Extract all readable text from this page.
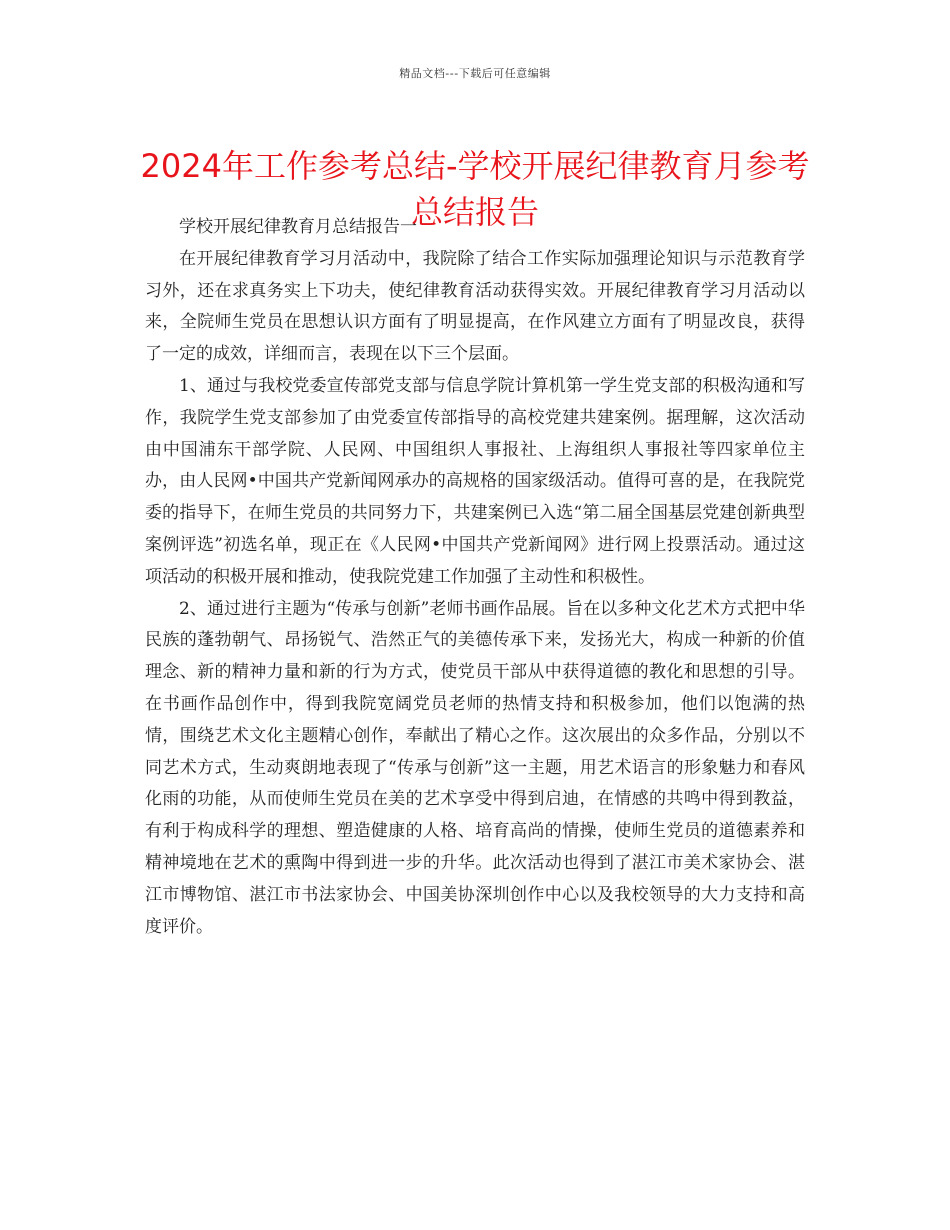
精品文档---下载后可任意编辑
2024年工作参考总结-学校开展纪律教育月参考总结报告

学校开展纪律教育月总结报告一

在开展纪律教育学习月活动中，我院除了结合工作实际加强理论知识与示范教育学习外，还在求真务实上下功夫，使纪律教育活动获得实效。开展纪律教育学习月活动以来，全院师生党员在思想认识方面有了明显提高，在作风建立方面有了明显改良，获得了一定的成效，详细而言，表现在以下三个层面。

1、通过与我校党委宣传部党支部与信息学院计算机第一学生党支部的积极沟通和写作，我院学生党支部参加了由党委宣传部指导的高校党建共建案例。据理解，这次活动由中国浦东干部学院、人民网、中国组织人事报社、上海组织人事报社等四家单位主办，由人民网•中国共产党新闻网承办的高规格的国家级活动。值得可喜的是，在我院党委的指导下，在师生党员的共同努力下，共建案例已入选“第二届全国基层党建创新典型案例评选”初选名单，现正在《人民网•中国共产党新闻网》进行网上投票活动。通过这项活动的积极开展和推动，使我院党建工作加强了主动性和积极性。

2、通过进行主题为“传承与创新”老师书画作品展。旨在以多种文化艺术方式把中华民族的蓬勃朝气、昂扬锐气、浩然正气的美德传承下来，发扬光大，构成一种新的价值理念、新的精神力量和新的行为方式，使党员干部从中获得道德的教化和思想的引导。在书画作品创作中，得到我院宽阔党员老师的热情支持和积极参加，他们以饱满的热情，围绕艺术文化主题精心创作，奉献出了精心之作。这次展出的众多作品，分别以不同艺术方式，生动爽朗地表现了“传承与创新”这一主题，用艺术语言的形象魅力和春风化雨的功能，从而使师生党员在美的艺术享受中得到启迪，在情感的共鸣中得到教益，有利于构成科学的理想、塑造健康的人格、培育高尚的情操，使师生党员的道德素养和精神境地在艺术的熏陶中得到进一步的升华。此次活动也得到了湛江市美术家协会、湛江市博物馆、湛江市书法家协会、中国美协深圳创作中心以及我校领导的大力支持和高度评价。
